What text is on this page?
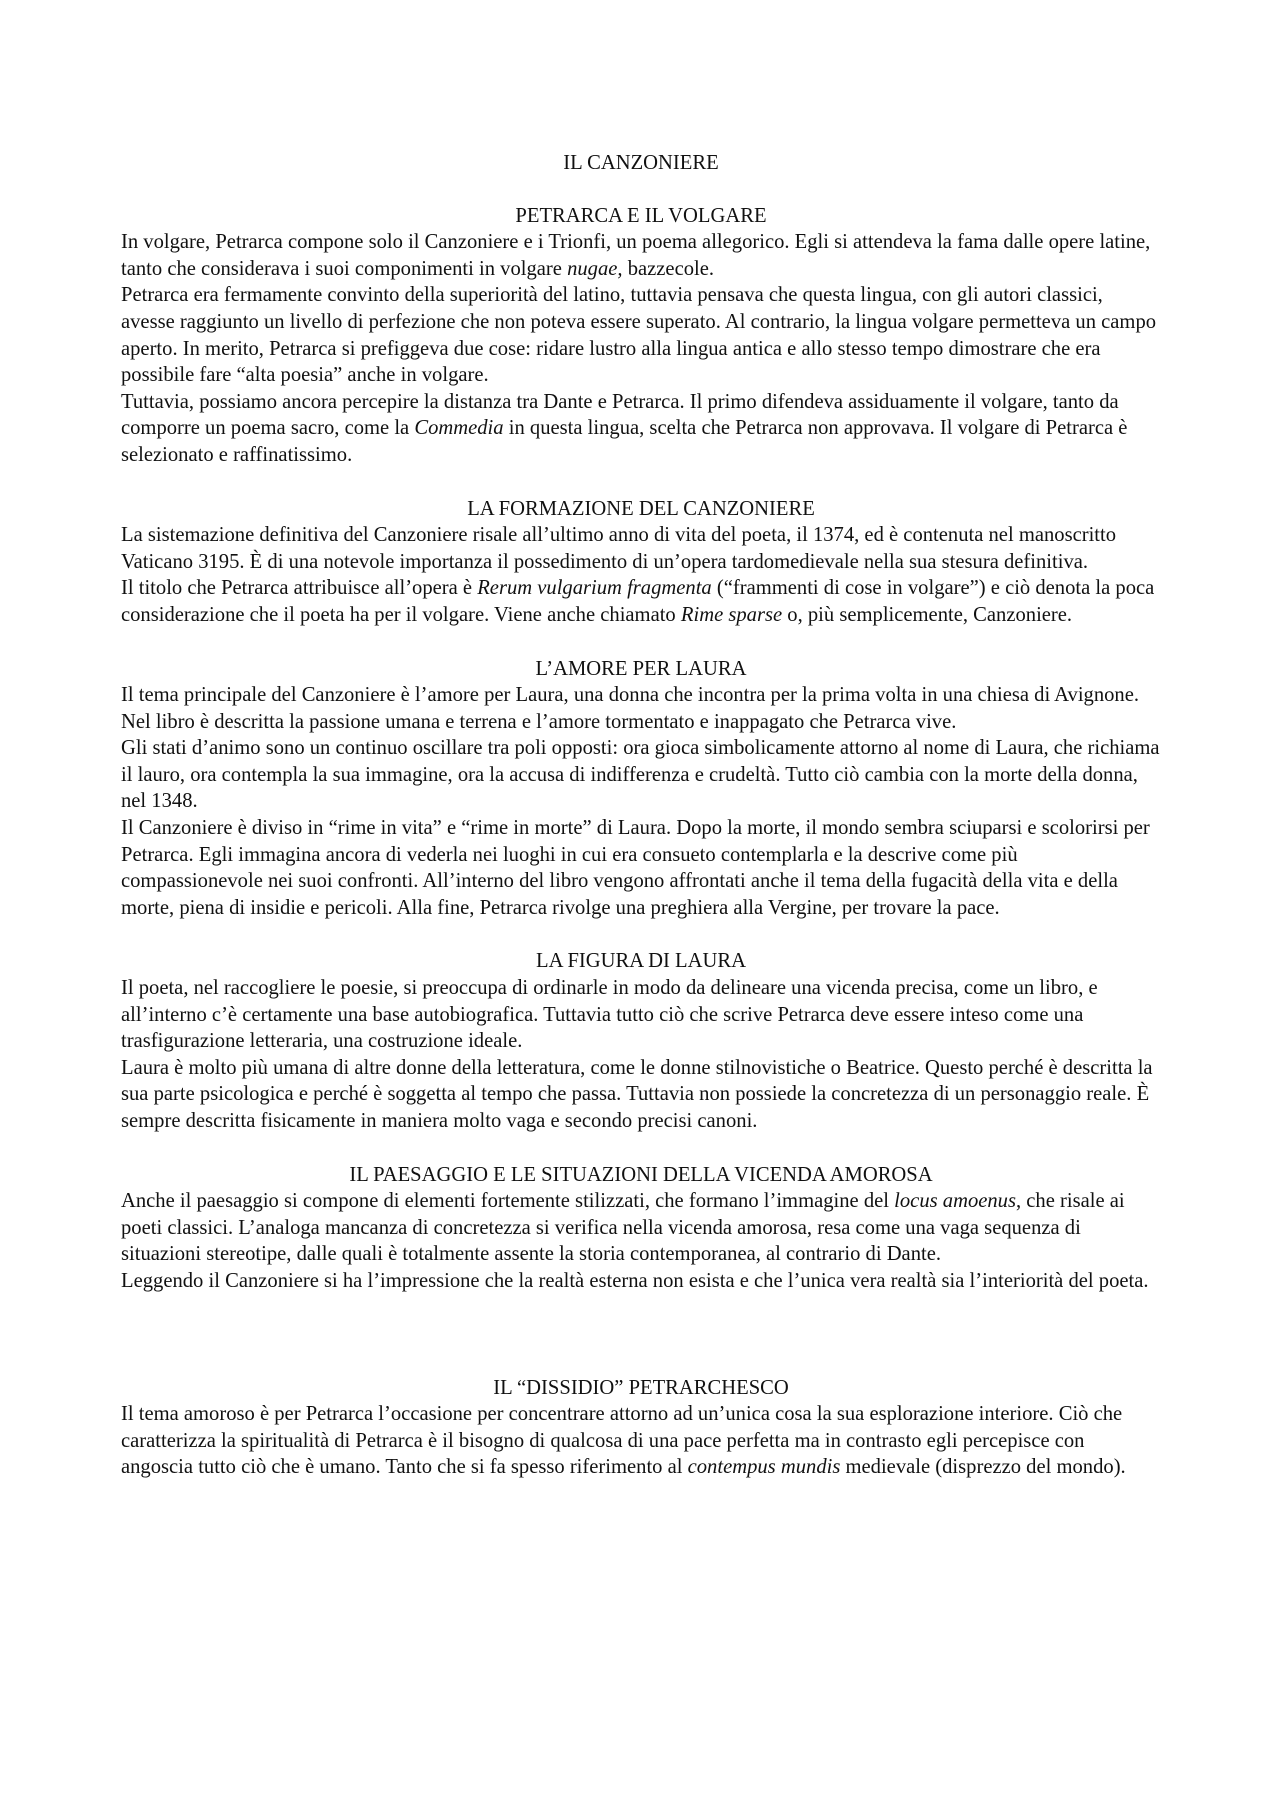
IL CANZONIERE
PETRARCA E IL VOLGARE

In volgare, Petrarca compone solo il Canzoniere e i Trionfi, un poema allegorico. Egli si attendeva la fama dalle opere latine, tanto che considerava i suoi componimenti in volgare nugae, bazzecole.

Petrarca era fermamente convinto della superiorità del latino, tuttavia pensava che questa lingua, con gli autori classici, avesse raggiunto un livello di perfezione che non poteva essere superato. Al contrario, la lingua volgare permetteva un campo aperto. In merito, Petrarca si prefiggeva due cose: ridare lustro alla lingua antica e allo stesso tempo dimostrare che era possibile fare “alta poesia” anche in volgare.

Tuttavia, possiamo ancora percepire la distanza tra Dante e Petrarca. Il primo difendeva assiduamente il volgare, tanto da comporre un poema sacro, come la Commedia in questa lingua, scelta che Petrarca non approvava. Il volgare di Petrarca è selezionato e raffinatissimo.

LA FORMAZIONE DEL CANZONIERE

La sistemazione definitiva del Canzoniere risale all’ultimo anno di vita del poeta, il 1374, ed è contenuta nel manoscritto Vaticano 3195. È di una notevole importanza il possedimento di un’opera tardomedievale nella sua stesura definitiva.

Il titolo che Petrarca attribuisce all’opera è Rerum vulgarium fragmenta (“frammenti di cose in volgare”) e ciò denota la poca considerazione che il poeta ha per il volgare. Viene anche chiamato Rime sparse o, più semplicemente, Canzoniere.

L’AMORE PER LAURA

Il tema principale del Canzoniere è l’amore per Laura, una donna che incontra per la prima volta in una chiesa di Avignone. Nel libro è descritta la passione umana e terrena e l’amore tormentato e inappagato che Petrarca vive.

Gli stati d’animo sono un continuo oscillare tra poli opposti: ora gioca simbolicamente attorno al nome di Laura, che richiama il lauro, ora contempla la sua immagine, ora la accusa di indifferenza e crudeltà. Tutto ciò cambia con la morte della donna, nel 1348.

Il Canzoniere è diviso in “rime in vita” e “rime in morte” di Laura. Dopo la morte, il mondo sembra sciuparsi e scolorirsi per Petrarca. Egli immagina ancora di vederla nei luoghi in cui era consueto contemplarla e la descrive come più compassionevole nei suoi confronti. All’interno del libro vengono affrontati anche il tema della fugacità della vita e della morte, piena di insidie e pericoli. Alla fine, Petrarca rivolge una preghiera alla Vergine, per trovare la pace.

LA FIGURA DI LAURA

Il poeta, nel raccogliere le poesie, si preoccupa di ordinarle in modo da delineare una vicenda precisa, come un libro, e all’interno c’è certamente una base autobiografica. Tuttavia tutto ciò che scrive Petrarca deve essere inteso come una trasfigurazione letteraria, una costruzione ideale.

Laura è molto più umana di altre donne della letteratura, come le donne stilnovistiche o Beatrice. Questo perché è descritta la sua parte psicologica e perché è soggetta al tempo che passa. Tuttavia non possiede la concretezza di un personaggio reale. È sempre descritta fisicamente in maniera molto vaga e secondo precisi canoni.

IL PAESAGGIO E LE SITUAZIONI DELLA VICENDA AMOROSA

Anche il paesaggio si compone di elementi fortemente stilizzati, che formano l’immagine del locus amoenus, che risale ai poeti classici. L’analoga mancanza di concretezza si verifica nella vicenda amorosa, resa come una vaga sequenza di situazioni stereotipe, dalle quali è totalmente assente la storia contemporanea, al contrario di Dante.

Leggendo il Canzoniere si ha l’impressione che la realtà esterna non esista e che l’unica vera realtà sia l’interiorità del poeta.

IL “DISSIDIO” PETRARCHESCO

Il tema amoroso è per Petrarca l’occasione per concentrare attorno ad un’unica cosa la sua esplorazione interiore. Ciò che caratterizza la spiritualità di Petrarca è il bisogno di qualcosa di una pace perfetta ma in contrasto egli percepisce con angoscia tutto ciò che è umano. Tanto che si fa spesso riferimento al contempus mundis medievale (disprezzo del mondo).
